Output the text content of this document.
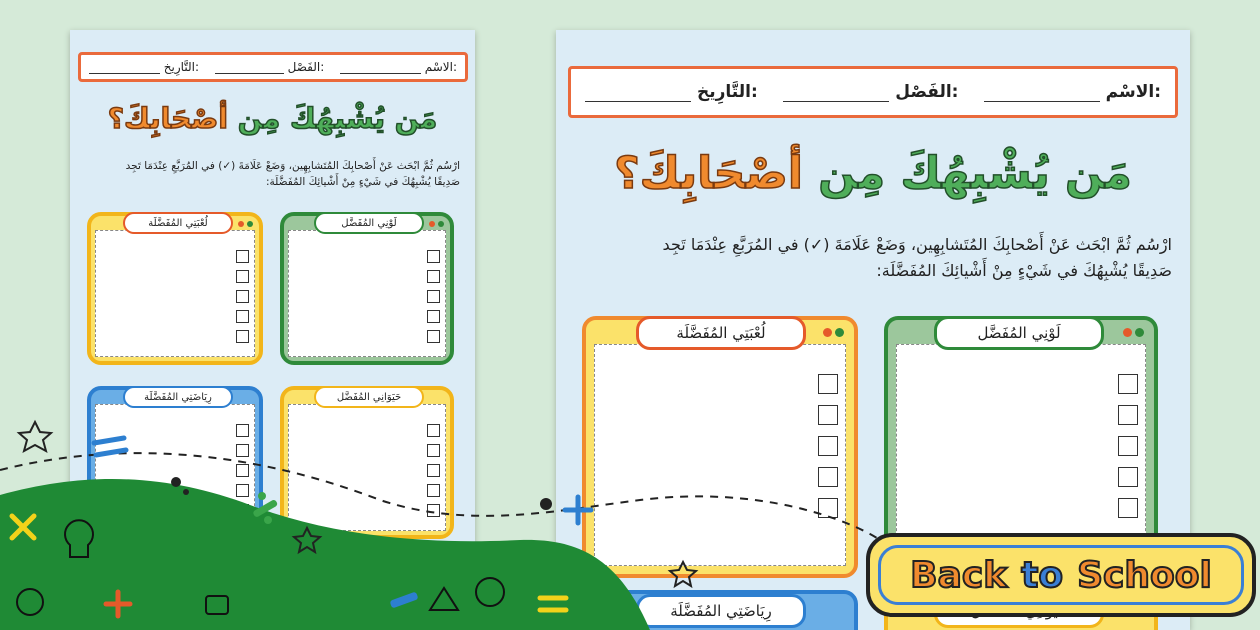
الاسْم:
الفَصْل:
التَّارِيخ:
مَن يُشْبِهُكَ مِن أصْحَابِكَ؟
ارْسُم ثُمَّ ابْحَث عَنْ أَصْحابِكَ المُتَشابِهِين، وَضَعْ عَلَامَةَ (✓) في المُرَبَّعِ عِنْدَمَا تَجِد
صَدِيقًا يُشْبِهُكَ في شَيْءٍ مِنْ أَشْيائِكَ المُفَضَّلَة:
لَوْنِي المُفَضَّل
لُعْبَتِي المُفَضَّلَة
حَيَوَانِي المُفَضَّل
رِيَاضَتِي المُفَضَّلَة
الاسْم:
الفَصْل:
التَّارِيخ:
مَن يُشْبِهُكَ مِن أصْحَابِكَ؟
ارْسُم ثُمَّ ابْحَث عَنْ أَصْحابِكَ المُتَشابِهِين، وَضَعْ عَلَامَةَ (✓) في المُرَبَّعِ عِنْدَمَا تَجِد
صَدِيقًا يُشْبِهُكَ في شَيْءٍ مِنْ أَشْيائِكَ المُفَضَّلَة:
لَوْنِي المُفَضَّل
لُعْبَتِي المُفَضَّلَة
رِيَاضَتِي المُفَضَّلَة
Back to School
